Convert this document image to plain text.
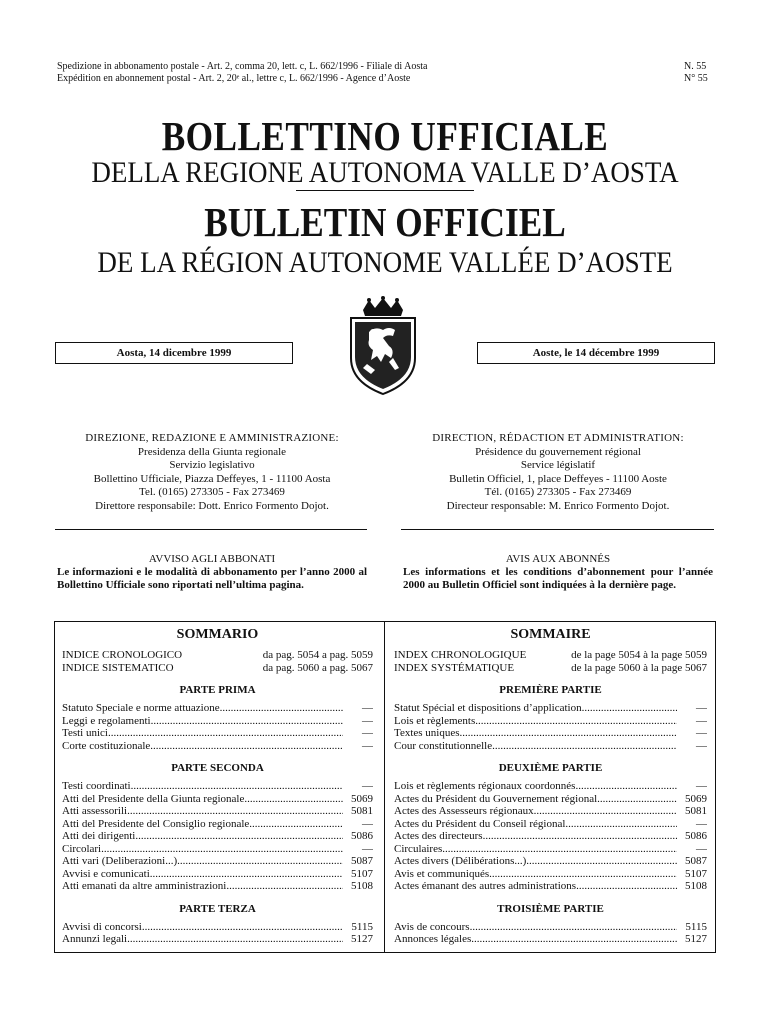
Spedizione in abbonamento postale - Art. 2, comma 20, lett. c, L. 662/1996 - Filiale di Aosta
Expédition en abonnement postal - Art. 2, 20ᵉ al., lettre c, L. 662/1996 - Agence d’Aoste
N. 55
N° 55
BOLLETTINO UFFICIALE
DELLA REGIONE AUTONOMA VALLE D’AOSTA
BULLETIN OFFICIEL
DE LA RÉGION AUTONOME VALLÉE D’AOSTE
Aosta, 14 dicembre 1999	Aoste, le 14 décembre 1999
DIREZIONE, REDAZIONE E AMMINISTRAZIONE:
Presidenza della Giunta regionale
Servizio legislativo
Bollettino Ufficiale, Piazza Deffeyes, 1 - 11100 Aosta
Tel. (0165) 273305 - Fax 273469
Direttore responsabile: Dott. Enrico Formento Dojot.
DIRECTION, RÉDACTION ET ADMINISTRATION:
Présidence du gouvernement régional
Service législatif
Bulletin Officiel, 1, place Deffeyes - 11100 Aoste
Tél. (0165) 273305 - Fax 273469
Directeur responsable: M. Enrico Formento Dojot.
AVVISO AGLI ABBONATI
Le informazioni e le modalità di abbonamento per l’anno 2000 al Bollettino Ufficiale sono riportati nell’ultima pagina.
AVIS AUX ABONNÉS
Les informations et les conditions d’abonnement pour l’année 2000 au Bulletin Officiel sont indiquées à la dernière page.
SOMMARIO
INDICE CRONOLOGICO	da pag. 5054 a pag. 5059
INDICE SISTEMATICO	da pag. 5060 a pag. 5067
PARTE PRIMA
Statuto Speciale e norme attuazione .....	—
Leggi e regolamenti .....	—
Testi unici .....	—
Corte costituzionale .....	—
PARTE SECONDA
Testi coordinati .....	—
Atti del Presidente della Giunta regionale .....	5069
Atti assessorili .....	5081
Atti del Presidente del Consiglio regionale .....	—
Atti dei dirigenti .....	5086
Circolari .....	—
Atti vari (Deliberazioni...) .....	5087
Avvisi e comunicati .....	5107
Atti emanati da altre amministrazioni .....	5108
PARTE TERZA
Avvisi di concorsi .....	5115
Annunzi legali .....	5127
SOMMAIRE
INDEX CHRONOLOGIQUE	de la page 5054 à la page 5059
INDEX SYSTÉMATIQUE	de la page 5060 à la page 5067
PREMIÈRE PARTIE
Statut Spécial et dispositions d’application .....	—
Lois et règlements .....	—
Textes uniques .....	—
Cour constitutionnelle .....	—
DEUXIÈME PARTIE
Lois et règlements régionaux coordonnés .....	—
Actes du Président du Gouvernement régional .....	5069
Actes des Assesseurs régionaux .....	5081
Actes du Président du Conseil régional .....	—
Actes des directeurs .....	5086
Circulaires .....	—
Actes divers (Délibérations...) .....	5087
Avis et communiqués .....	5107
Actes émanant des autres administrations .....	5108
TROISIÈME PARTIE
Avis de concours .....	5115
Annonces légales .....	5127
